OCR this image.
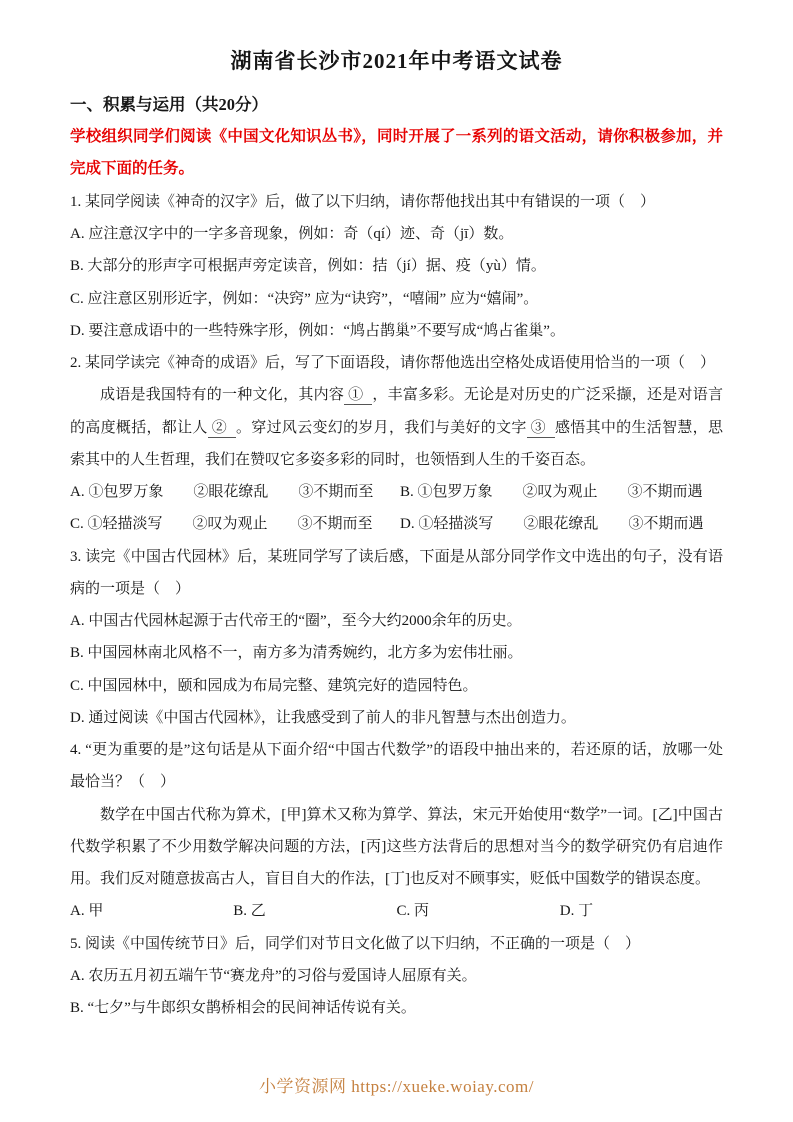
湖南省长沙市2021年中考语文试卷
一、积累与运用（共20分）

学校组织同学们阅读《中国文化知识丛书》，同时开展了一系列的语文活动，请你积极参加，并完成下面的任务。

1. 某同学阅读《神奇的汉字》后，做了以下归纳，请你帮他找出其中有错误的一项（　）

A. 应注意汉字中的一字多音现象，例如：奇（qí）迹、奇（jī）数。

B. 大部分的形声字可根据声旁定读音，例如：拮（jí）据、疫（yù）情。

C. 应注意区别形近字，例如：“决窍” 应为“诀窍”，“嘻闹” 应为“嬉闹”。

D. 要注意成语中的一些特殊字形，例如：“鸠占鹊巢”不要写成“鸠占雀巢”。

2. 某同学读完《神奇的成语》后，写了下面语段，请你帮他选出空格处成语使用恰当的一项（　）

成语是我国特有的一种文化，其内容 ① ，丰富多彩。无论是对历史的广泛采撷，还是对语言的高度概括，都让人 ② 。穿过风云变幻的岁月，我们与美好的文字 ③ 感悟其中的生活智慧，思索其中的人生哲理，我们在赞叹它多姿多彩的同时，也领悟到人生的千姿百态。

A. ①包罗万象　　②眼花缭乱　　③不期而至	B. ①包罗万象　　②叹为观止　　③不期而遇
C. ①轻描淡写　　②叹为观止　　③不期而至	D. ①轻描淡写　　②眼花缭乱　　③不期而遇

3. 读完《中国古代园林》后，某班同学写了读后感，下面是从部分同学作文中选出的句子，没有语病的一项是（　）

A. 中国古代园林起源于古代帝王的“圈”，至今大约2000余年的历史。

B. 中国园林南北风格不一，南方多为清秀婉约，北方多为宏伟壮丽。

C. 中国园林中，颐和园成为布局完整、建筑完好的造园特色。

D. 通过阅读《中国古代园林》，让我感受到了前人的非凡智慧与杰出创造力。

4. “更为重要的是”这句话是从下面介绍“中国古代数学”的语段中抽出来的，若还原的话，放哪一处最恰当？（　）

数学在中国古代称为算术，[甲]算术又称为算学、算法，宋元开始使用“数学”一词。[乙]中国古代数学积累了不少用数学解决问题的方法，[丙]这些方法背后的思想对当今的数学研究仍有启迪作用。我们反对随意拔高古人，盲目自大的作法，[丁]也反对不顾事实，贬低中国数学的错误态度。

A. 甲	B. 乙	C. 丙	D. 丁

5. 阅读《中国传统节日》后，同学们对节日文化做了以下归纳，不正确的一项是（　）

A. 农历五月初五端午节“赛龙舟”的习俗与爱国诗人屈原有关。

B. “七夕”与牛郎织女鹊桥相会的民间神话传说有关。

小学资源网 https://xueke.woiay.com/
